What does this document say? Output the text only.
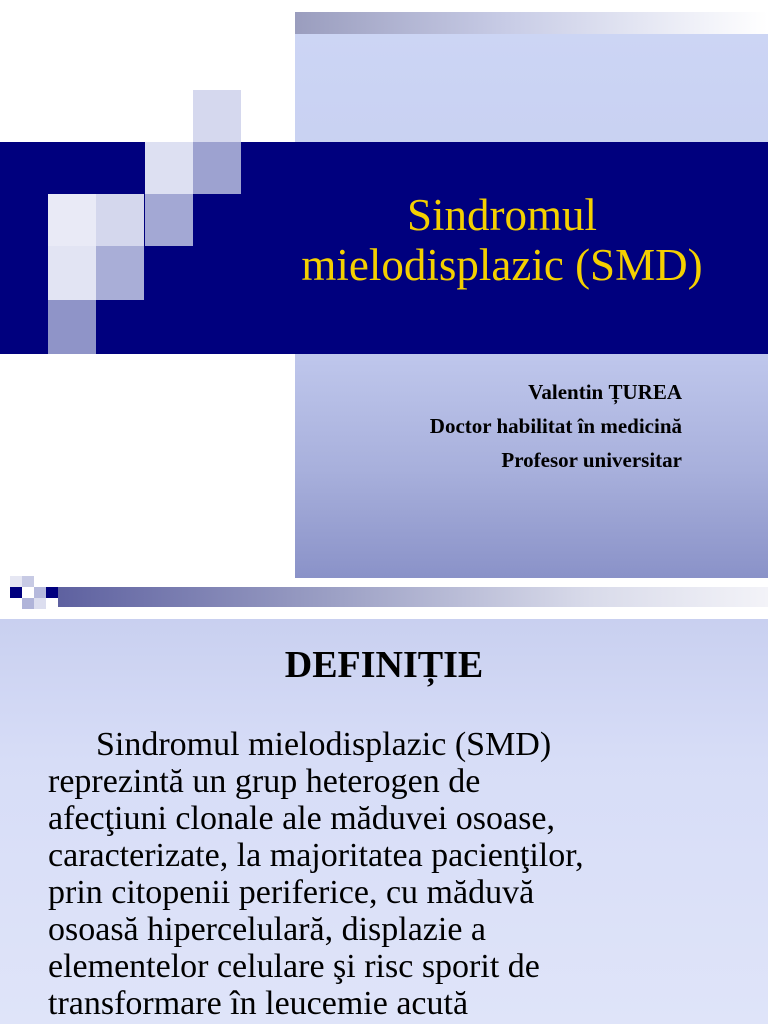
Sindromul
mielodisplazic (SMD)
Valentin ȚUREA
Doctor habilitat în medicină
Profesor universitar
DEFINIȚIE
Sindromul mielodisplazic (SMD)
reprezintă un grup heterogen de
afecţiuni clonale ale măduvei osoase,
caracterizate, la majoritatea pacienţilor,
prin citopenii periferice, cu măduvă
osoasă hipercelulară, displazie a
elementelor celulare şi risc sporit de
transformare în leucemie acută
